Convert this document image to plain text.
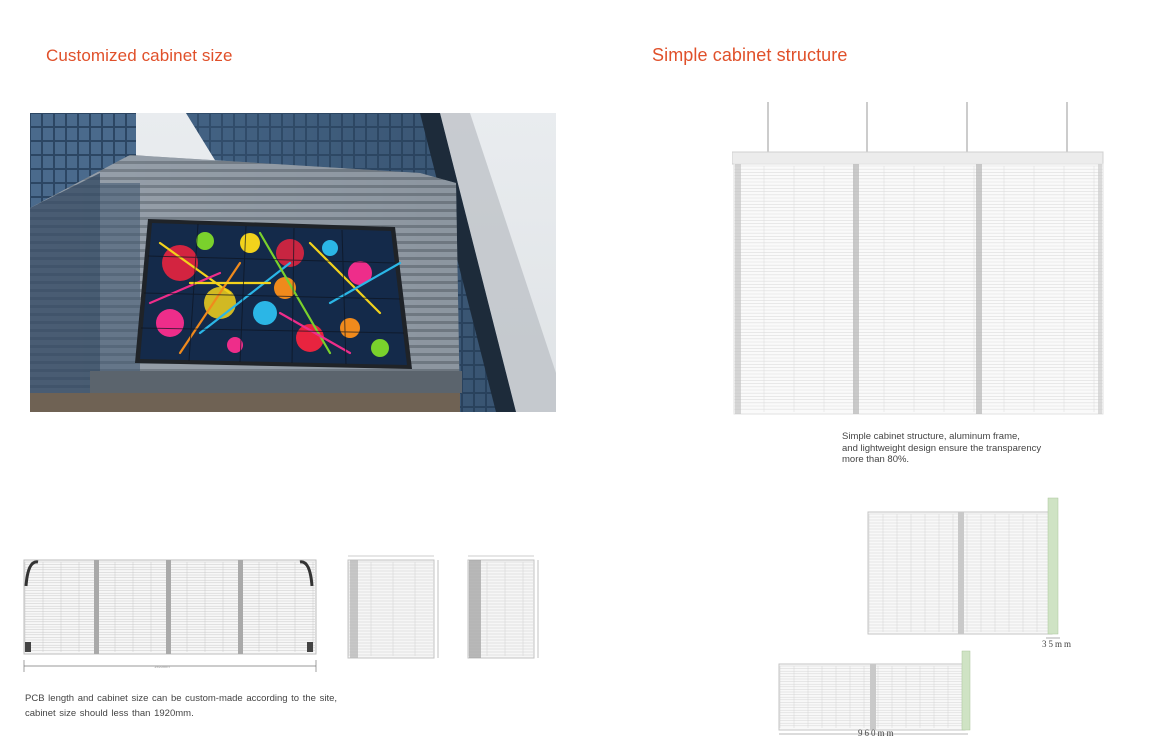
Customized cabinet size	Simple cabinet structure
Simple cabinet structure, aluminum frame,
and lightweight design ensure the transparency
more than 80%.
1920mm
PCB length and cabinet size can be custom-made according to the site,
cabinet size should less than 1920mm.
35mm
960mm
